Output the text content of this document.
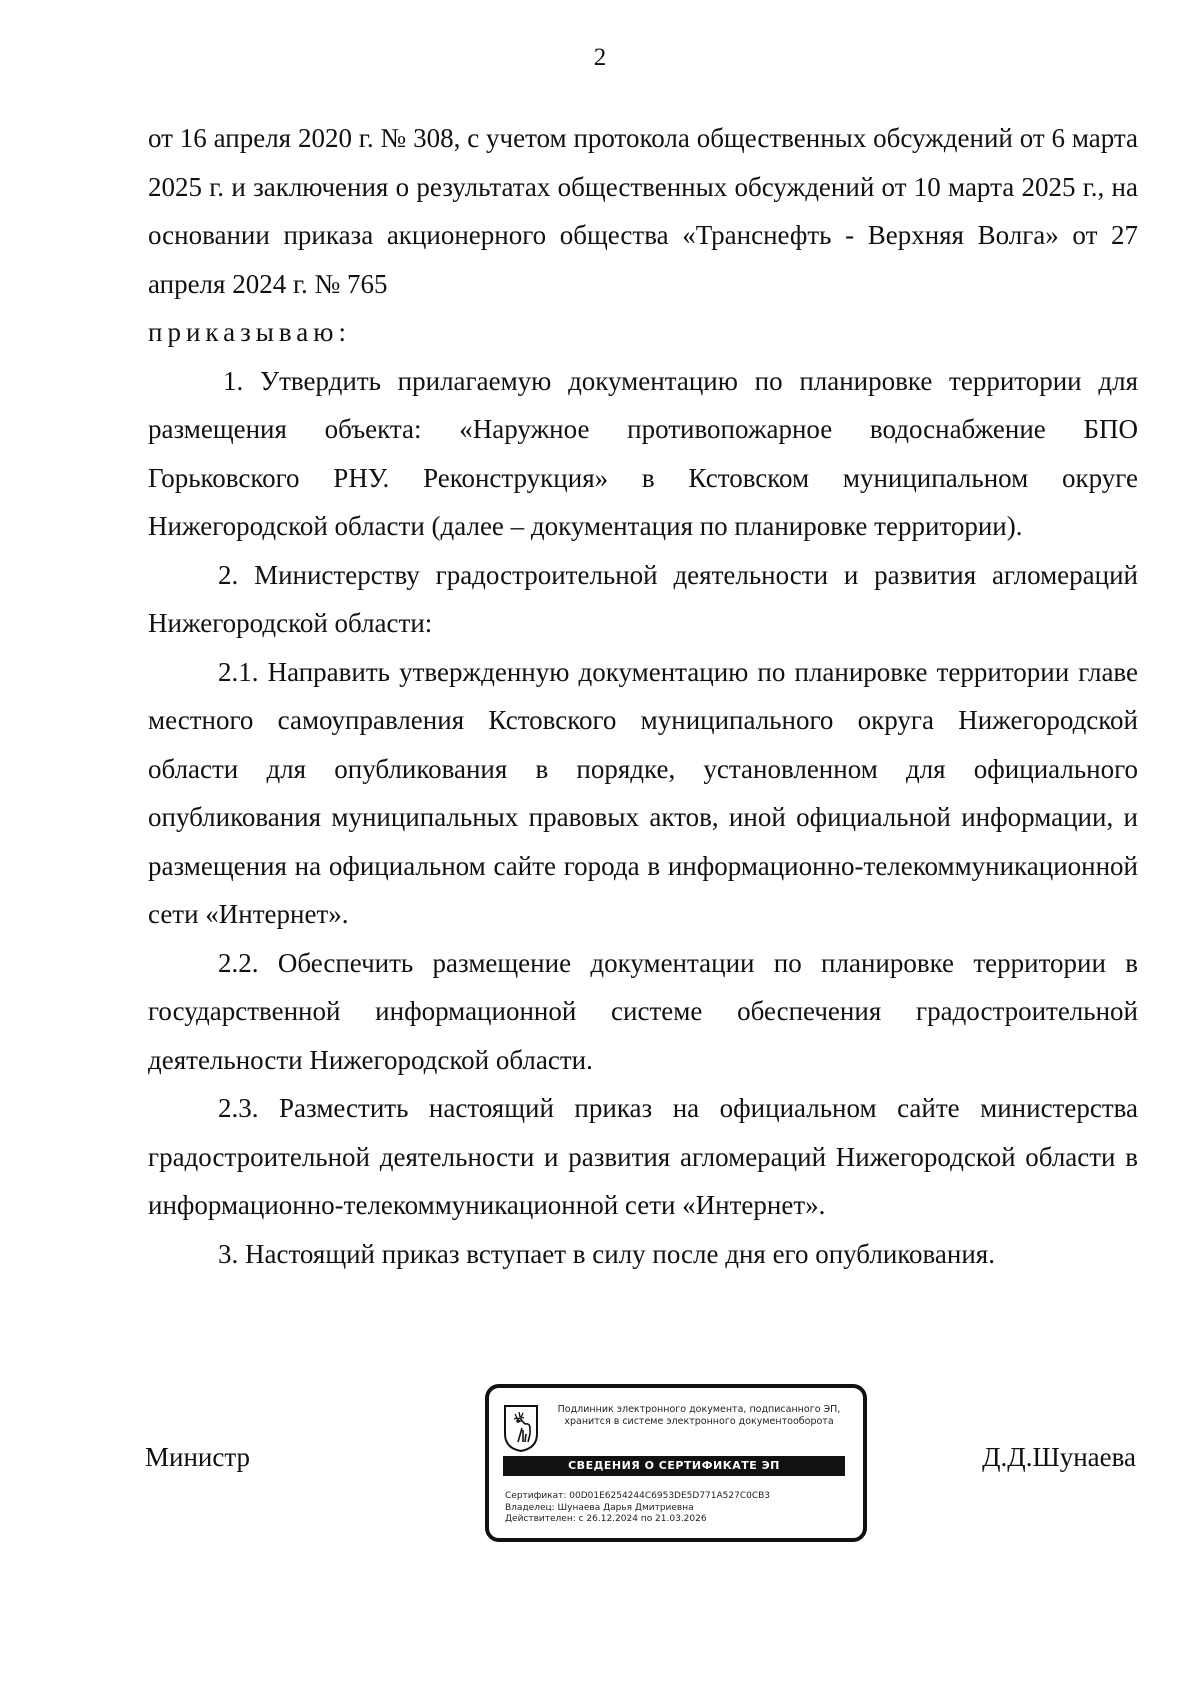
2

от 16 апреля 2020 г. № 308, с учетом протокола общественных обсуждений от 6 марта 2025 г. и заключения о результатах общественных обсуждений от 10 марта 2025 г., на основании приказа акционерного общества «Транснефть - Верхняя Волга» от 27 апреля 2024 г. № 765

приказываю:

1. Утвердить прилагаемую документацию по планировке территории для размещения объекта: «Наружное противопожарное водоснабжение БПО Горьковского РНУ. Реконструкция» в Кстовском муниципальном округе Нижегородской области (далее – документация по планировке территории).

2. Министерству градостроительной деятельности и развития агломераций Нижегородской области:

2.1. Направить утвержденную документацию по планировке территории главе местного самоуправления Кстовского муниципального округа Нижегородской области для опубликования в порядке, установленном для официального опубликования муниципальных правовых актов, иной официальной информации, и размещения на официальном сайте города в информационно-телекоммуникационной сети «Интернет».

2.2. Обеспечить размещение документации по планировке территории в государственной информационной системе обеспечения градостроительной деятельности Нижегородской области.

2.3. Разместить настоящий приказ на официальном сайте министерства градостроительной деятельности и развития агломераций Нижегородской области в информационно-телекоммуникационной сети «Интернет».

3. Настоящий приказ вступает в силу после дня его опубликования.

Министр
Подлинник электронного документа, подписанного ЭП,
хранится в системе электронного документооборота
СВЕДЕНИЯ О СЕРТИФИКАТЕ ЭП
Сертификат: 00D01E6254244C6953DE5D771A527C0CB3
Владелец: Шунаева Дарья Дмитриевна
Действителен: с 26.12.2024 по 21.03.2026
Д.Д.Шунаева
